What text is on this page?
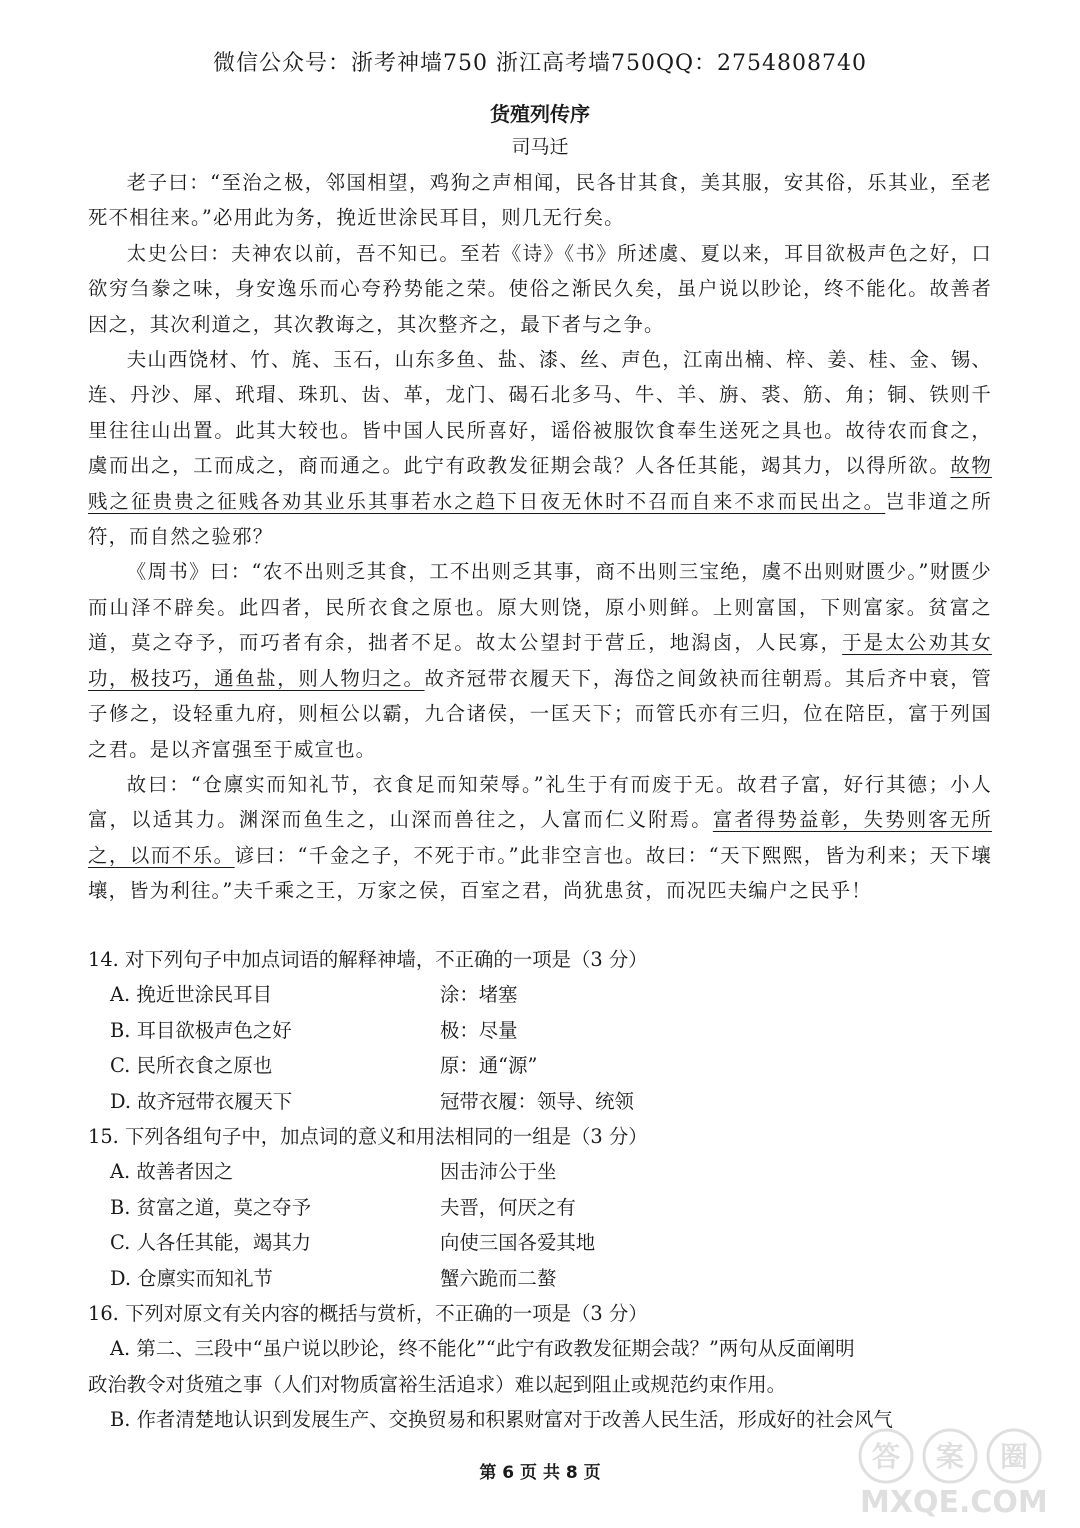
微信公众号：浙考神墙750 浙江高考墙750QQ：2754808740
货殖列传序
司马迁

老子曰：“至治之极，邻国相望，鸡狗之声相闻，民各甘其食，美其服，安其俗，乐其业，至老死不相往来。”必用此为务，挽近世涂民耳目，则几无行矣。

太史公曰：夫神农以前，吾不知已。至若《诗》《书》所述虞、夏以来，耳目欲极声色之好，口欲穷刍豢之味，身安逸乐而心夸矜势能之荣。使俗之渐民久矣，虽户说以眇论，终不能化。故善者因之，其次利道之，其次教诲之，其次整齐之，最下者与之争。

夫山西饶材、竹、旄、玉石，山东多鱼、盐、漆、丝、声色，江南出楠、梓、姜、桂、金、锡、连、丹沙、犀、玳瑁、珠玑、齿、革，龙门、碣石北多马、牛、羊、旃、裘、筋、角；铜、铁则千里往往山出置。此其大较也。皆中国人民所喜好，谣俗被服饮食奉生送死之具也。故待农而食之，虞而出之，工而成之，商而通之。此宁有政教发征期会哉？人各任其能，竭其力，以得所欲。故物贱之征贵贵之征贱各劝其业乐其事若水之趋下日夜无休时不召而自来不求而民出之。岂非道之所符，而自然之验邪？

《周书》曰：“农不出则乏其食，工不出则乏其事，商不出则三宝绝，虞不出则财匮少。”财匮少而山泽不辟矣。此四者，民所衣食之原也。原大则饶，原小则鲜。上则富国，下则富家。贫富之道，莫之夺予，而巧者有余，拙者不足。故太公望封于营丘，地潟卤，人民寡，于是太公劝其女功，极技巧，通鱼盐，则人物归之。故齐冠带衣履天下，海岱之间敛袂而往朝焉。其后齐中衰，管子修之，设轻重九府，则桓公以霸，九合诸侯，一匡天下；而管氏亦有三归，位在陪臣，富于列国之君。是以齐富强至于威宣也。

故曰：“仓廪实而知礼节，衣食足而知荣辱。”礼生于有而废于无。故君子富，好行其德；小人富，以适其力。渊深而鱼生之，山深而兽往之，人富而仁义附焉。富者得势益彰，失势则客无所之，以而不乐。谚曰：“千金之子，不死于市。”此非空言也。故曰：“天下熙熙，皆为利来；天下壤壤，皆为利往。”夫千乘之王，万家之侯，百室之君，尚犹患贫，而况匹夫编户之民乎！

14. 对下列句子中加点词语的解释神墙，不正确的一项是（3 分）
A. 挽近世涂民耳目	涂：堵塞
B. 耳目欲极声色之好	极：尽量
C. 民所衣食之原也	原：通“源”
D. 故齐冠带衣履天下	冠带衣履：领导、统领
15. 下列各组句子中，加点词的意义和用法相同的一组是（3 分）
A. 故善者因之	因击沛公于坐
B. 贫富之道，莫之夺予	夫晋，何厌之有
C. 人各任其能，竭其力	向使三国各爱其地
D. 仓廪实而知礼节	蟹六跪而二螯
16. 下列对原文有关内容的概括与赏析，不正确的一项是（3 分）
A. 第二、三段中“虽户说以眇论，终不能化”“此宁有政教发征期会哉？”两句从反面阐明
政治教令对货殖之事（人们对物质富裕生活追求）难以起到阻止或规范约束作用。
B. 作者清楚地认识到发展生产、交换贸易和积累财富对于改善人民生活，形成好的社会风气
第 6 页 共 8 页	答 案 圈
MXQE.COM
